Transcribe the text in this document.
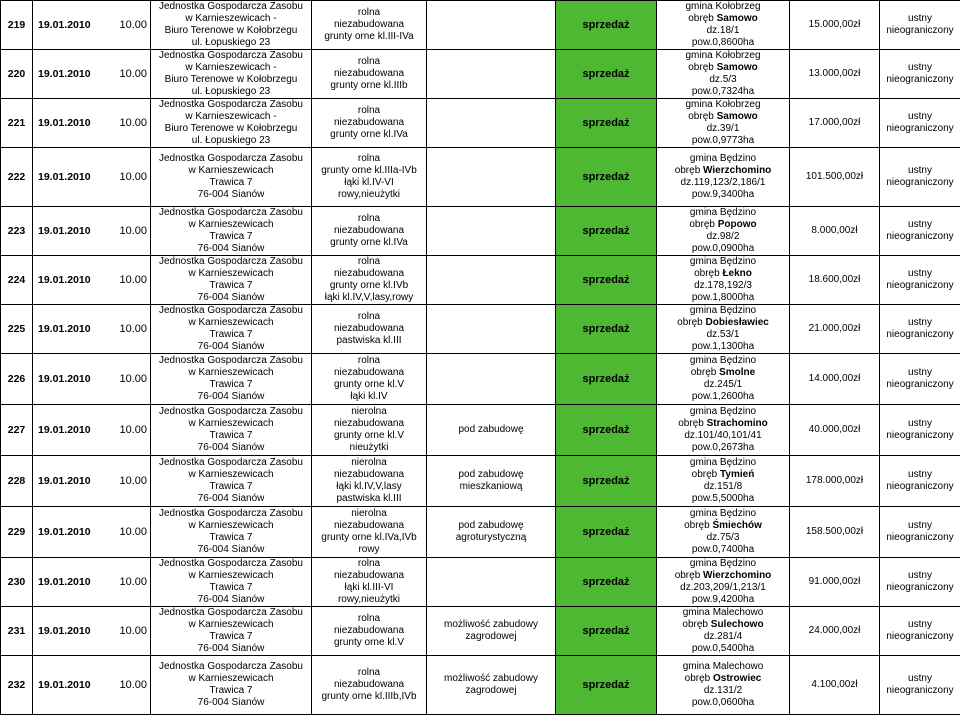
219	19.01.2010	10.00	Jednostka Gospodarcza Zasobu
w Karnieszewicach -
Biuro Terenowe w Kołobrzegu
ul. Łopuskiego 23	rolna
niezabudowana
grunty orne kl.III-IVa		sprzedaż	gmina Kołobrzeg
obręb Samowo
dz.18/1
pow.0,8600ha	15.000,00zł	ustny
nieograniczony

220	19.01.2010	10.00	Jednostka Gospodarcza Zasobu
w Karnieszewicach -
Biuro Terenowe w Kołobrzegu
ul. Łopuskiego 23	rolna
niezabudowana
grunty orne kl.IIIb		sprzedaż	gmina Kołobrzeg
obręb Samowo
dz.5/3
pow.0,7324ha	13.000,00zł	ustny
nieograniczony

221	19.01.2010	10.00	Jednostka Gospodarcza Zasobu
w Karnieszewicach -
Biuro Terenowe w Kołobrzegu
ul. Łopuskiego 23	rolna
niezabudowana
grunty orne kl.IVa		sprzedaż	gmina Kołobrzeg
obręb Samowo
dz.39/1
pow.0,9773ha	17.000,00zł	ustny
nieograniczony

222	19.01.2010	10.00	Jednostka Gospodarcza Zasobu
w Karnieszewicach
Trawica 7
76-004 Sianów	rolna
grunty orne kl.IIIa-IVb
łąki kl.IV-VI
rowy,nieużytki		sprzedaż	gmina Będzino
obręb Wierzchomino
dz.119,123/2,186/1
pow.9,3400ha	101.500,00zł	ustny
nieograniczony

223	19.01.2010	10.00	Jednostka Gospodarcza Zasobu
w Karnieszewicach
Trawica 7
76-004 Sianów	rolna
niezabudowana
grunty orne kl.IVa		sprzedaż	gmina Będzino
obręb Popowo
dz.98/2
pow.0,0900ha	8.000,00zł	ustny
nieograniczony

224	19.01.2010	10.00	Jednostka Gospodarcza Zasobu
w Karnieszewicach
Trawica 7
76-004 Sianów	rolna
niezabudowana
grunty orne kl.IVb
łąki kl.IV,V,lasy,rowy		sprzedaż	gmina Będzino
obręb Łekno
dz.178,192/3
pow.1,8000ha	18.600,00zł	ustny
nieograniczony

225	19.01.2010	10.00	Jednostka Gospodarcza Zasobu
w Karnieszewicach
Trawica 7
76-004 Sianów	rolna
niezabudowana
pastwiska kl.III		sprzedaż	gmina Będzino
obręb Dobiesławiec
dz.53/1
pow.1,1300ha	21.000,00zł	ustny
nieograniczony

226	19.01.2010	10.00	Jednostka Gospodarcza Zasobu
w Karnieszewicach
Trawica 7
76-004 Sianów	rolna
niezabudowana
grunty orne kl.V
łąki kl.IV		sprzedaż	gmina Będzino
obręb Smolne
dz.245/1
pow.1,2600ha	14.000,00zł	ustny
nieograniczony

227	19.01.2010	10.00	Jednostka Gospodarcza Zasobu
w Karnieszewicach
Trawica 7
76-004 Sianów	nierolna
niezabudowana
grunty orne kl.V
nieużytki	pod zabudowę	sprzedaż	gmina Będzino
obręb Strachomino
dz.101/40,101/41
pow.0,2673ha	40.000,00zł	ustny
nieograniczony

228	19.01.2010	10.00	Jednostka Gospodarcza Zasobu
w Karnieszewicach
Trawica 7
76-004 Sianów	nierolna
niezabudowana
łąki kl.IV,V,lasy
pastwiska kl.III	pod zabudowę
mieszkaniową	sprzedaż	gmina Będzino
obręb Tymień
dz.151/8
pow.5,5000ha	178.000,00zł	ustny
nieograniczony

229	19.01.2010	10.00	Jednostka Gospodarcza Zasobu
w Karnieszewicach
Trawica 7
76-004 Sianów	nierolna
niezabudowana
grunty orne kl.IVa,IVb
rowy	pod zabudowę
agroturystyczną	sprzedaż	gmina Będzino
obręb Śmiechów
dz.75/3
pow.0,7400ha	158.500,00zł	ustny
nieograniczony

230	19.01.2010	10.00	Jednostka Gospodarcza Zasobu
w Karnieszewicach
Trawica 7
76-004 Sianów	rolna
niezabudowana
łąki kl.III-VI
rowy,nieużytki		sprzedaż	gmina Będzino
obręb Wierzchomino
dz.203,209/1,213/1
pow.9,4200ha	91.000,00zł	ustny
nieograniczony

231	19.01.2010	10.00	Jednostka Gospodarcza Zasobu
w Karnieszewicach
Trawica 7
76-004 Sianów	rolna
niezabudowana
grunty orne kl.V	możliwość zabudowy
zagrodowej	sprzedaż	gmina Malechowo
obręb Sulechowo
dz.281/4
pow.0,5400ha	24.000,00zł	ustny
nieograniczony

232	19.01.2010	10.00	Jednostka Gospodarcza Zasobu
w Karnieszewicach
Trawica 7
76-004 Sianów	rolna
niezabudowana
grunty orne kl.IIIb,IVb	możliwość zabudowy
zagrodowej	sprzedaż	gmina Malechowo
obręb Ostrowiec
dz.131/2
pow.0,0600ha	4.100,00zł	ustny
nieograniczony
